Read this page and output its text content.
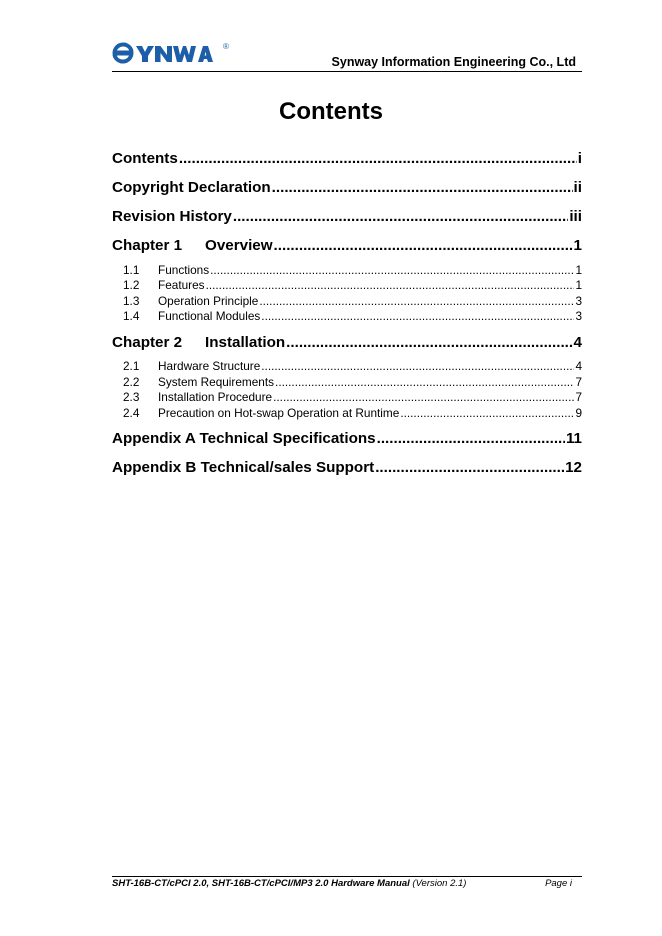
®
Synway Information Engineering Co., Ltd
Contents
Contents .....	i
Copyright Declaration .....	ii
Revision History .....	iii
Chapter 1	Overview .....	1
1.1	Functions .....	1
1.2	Features .....	1
1.3	Operation Principle .....	3
1.4	Functional Modules .....	3
Chapter 2	Installation .....	4
2.1	Hardware Structure .....	4
2.2	System Requirements .....	7
2.3	Installation Procedure .....	7
2.4	Precaution on Hot-swap Operation at Runtime .....	9
Appendix A Technical Specifications .....	11
Appendix B Technical/sales Support .....	12
SHT-16B-CT/cPCI 2.0, SHT-16B-CT/cPCI/MP3 2.0 Hardware Manual (Version 2.1)	Page i
